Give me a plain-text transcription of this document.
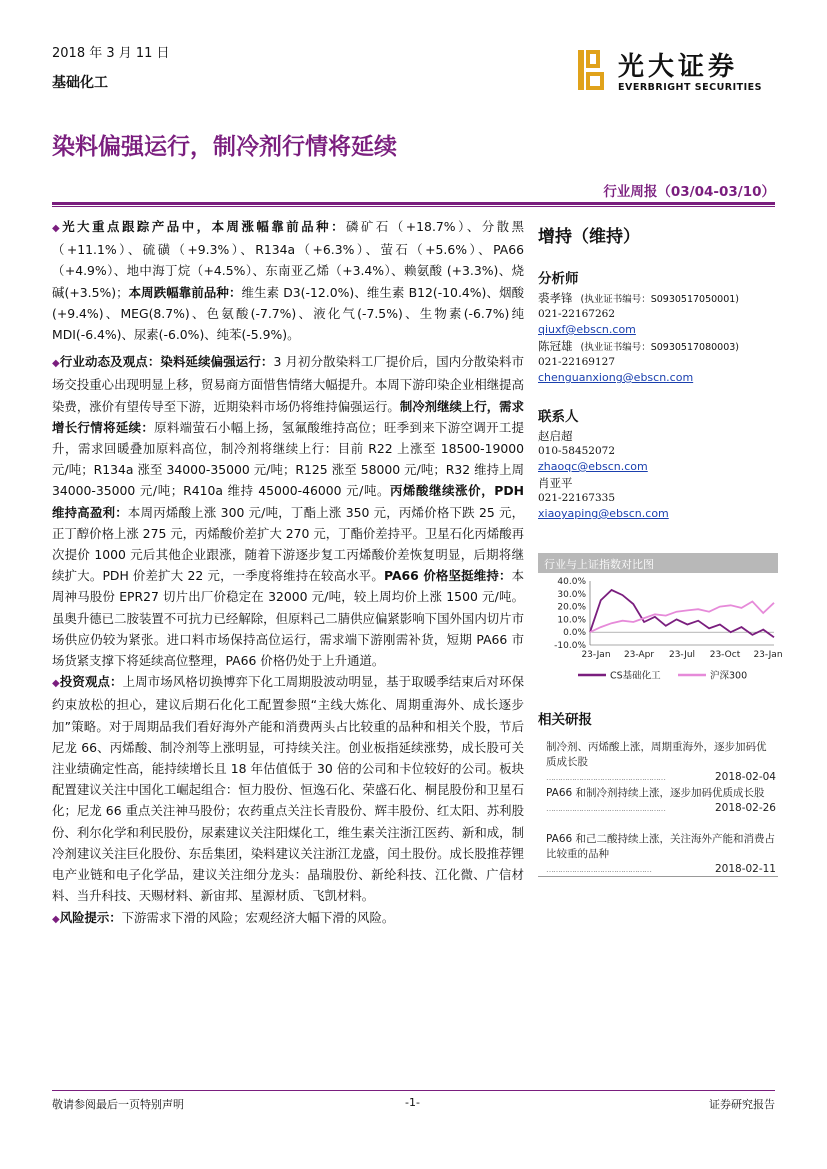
2018 年 3 月 11 日
基础化工
光大证券
EVERBRIGHT SECURITIES
染料偏强运行，制冷剂行情将延续
行业周报（03/04-03/10）

◆光大重点跟踪产品中，本周涨幅靠前品种：磷矿石（+18.7%）、分散黑（+11.1%）、硫磺（+9.3%）、R134a（+6.3%）、萤石（+5.6%）、PA66（+4.9%）、地中海丁烷（+4.5%）、东南亚乙烯（+3.4%）、赖氨酸 (+3.3%)、烧碱(+3.5%)；本周跌幅靠前品种：维生素 D3(-12.0%)、维生素 B12(-10.4%)、烟酸(+9.4%)、MEG(8.7%)、色氨酸(-7.7%)、液化气(-7.5%)、生物素(-6.7%)纯 MDI(-6.4%)、尿素(-6.0%)、纯苯(-5.9%)。

◆行业动态及观点：染料延续偏强运行：3 月初分散染料工厂提价后，国内分散染料市场交投重心出现明显上移，贸易商方面惜售情绪大幅提升。本周下游印染企业相继提高染费，涨价有望传导至下游，近期染料市场仍将维持偏强运行。制冷剂继续上行，需求增长行情将延续：原料端萤石小幅上扬，氢氟酸维持高位；旺季到来下游空调开工提升，需求回暖叠加原料高位，制冷剂将继续上行：目前 R22 上涨至 18500-19000 元/吨；R134a 涨至 34000-35000 元/吨；R125 涨至 58000 元/吨；R32 维持上周 34000-35000 元/吨；R410a 维持 45000-46000 元/吨。丙烯酸继续涨价，PDH 维持高盈利：本周丙烯酸上涨 300 元/吨，丁酯上涨 350 元，丙烯价格下跌 25 元，正丁醇价格上涨 275 元，丙烯酸价差扩大 270 元，丁酯价差持平。卫星石化丙烯酸再次提价 1000 元后其他企业跟涨，随着下游逐步复工丙烯酸价差恢复明显，后期将继续扩大。PDH 价差扩大 22 元，一季度将维持在较高水平。PA66 价格坚挺维持：本周神马股份 EPR27 切片出厂价稳定在 32000 元/吨，较上周均价上涨 1500 元/吨。虽奥升德已二胺装置不可抗力已经解除，但原料己二腈供应偏紧影响下国外国内切片市场供应仍较为紧张。进口料市场保持高位运行，需求端下游刚需补货，短期 PA66 市场货紧支撑下将延续高位整理，PA66 价格仍处于上升通道。

◆投资观点：上周市场风格切换博弈下化工周期股波动明显，基于取暖季结束后对环保约束放松的担心，建议后期石化化工配置参照“主线大炼化、周期重海外、成长逐步加”策略。对于周期品我们看好海外产能和消费两头占比较重的品种和相关个股，节后尼龙 66、丙烯酸、制冷剂等上涨明显，可持续关注。创业板指延续涨势，成长股可关注业绩确定性高，能持续增长且 18 年估值低于 30 倍的公司和卡位较好的公司。板块配置建议关注中国化工崛起组合：恒力股份、恒逸石化、荣盛石化、桐昆股份和卫星石化；尼龙 66 重点关注神马股份；农药重点关注长青股份、辉丰股份、红太阳、苏利股份、利尔化学和利民股份，尿素建议关注阳煤化工，维生素关注浙江医药、新和成，制冷剂建议关注巨化股份、东岳集团，染料建议关注浙江龙盛，闰土股份。成长股推荐锂电产业链和电子化学品，建议关注细分龙头：晶瑞股份、新纶科技、江化微、广信材料、当升科技、天赐材料、新宙邦、星源材质、飞凯材料。

◆风险提示：下游需求下滑的风险；宏观经济大幅下滑的风险。

增持（维持）
分析师
裘孝锋 (执业证书编号：S0930517050001)
021-22167262
qiuxf@ebscn.com
陈冠雄 (执业证书编号：S0930517080003)
021-22169127
chenguanxiong@ebscn.com
联系人
赵启超
010-58452072
zhaoqc@ebscn.com
肖亚平
021-22167335
xiaoyaping@ebscn.com
行业与上证指数对比图
40.0%
30.0%
20.0%
10.0%
0.0%
-10.0%
23-Jan 23-Apr 23-Jul 23-Oct 23-Jan
CS基础化工	沪深300
相关研报
制冷剂、丙烯酸上涨，周期重海外，逐步加码优质成长股
……………………………………………	2018-02-04
PA66 和制冷剂持续上涨，逐步加码优质成长股
……………………………………………	2018-02-26
PA66 和己二酸持续上涨，关注海外产能和消费占比较重的品种
………………………………………	2018-02-11
敬请参阅最后一页特别声明	-1-	证券研究报告
